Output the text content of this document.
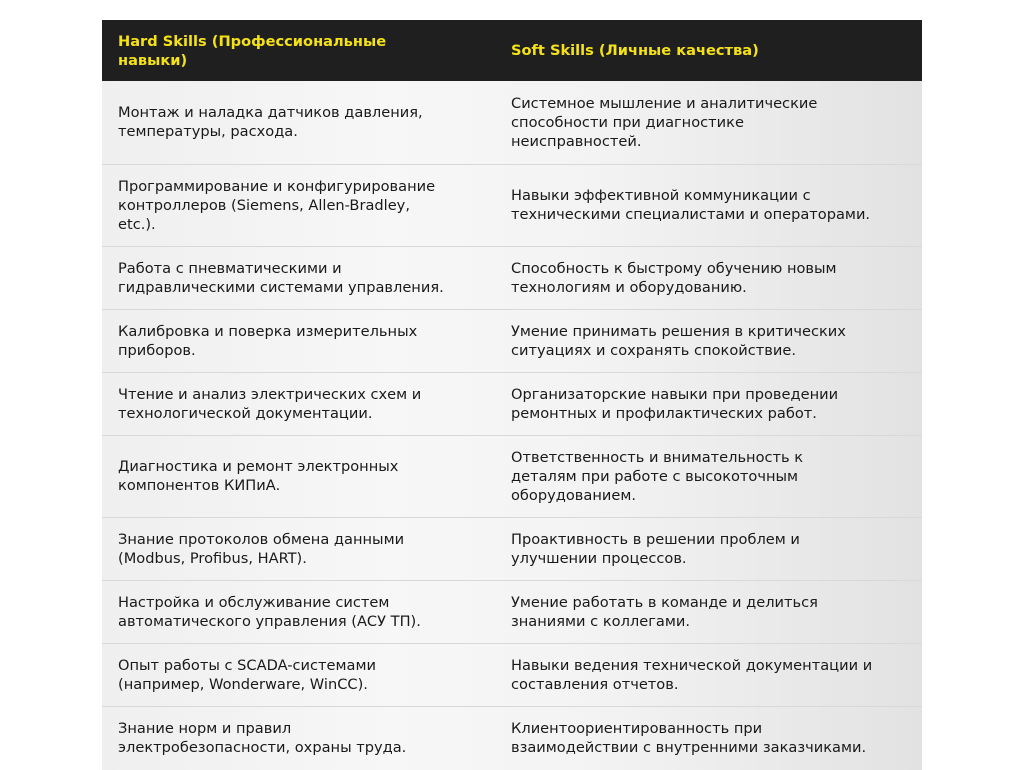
Hard Skills (Профессиональные
навыки)	Soft Skills (Личные качества)

Монтаж и наладка датчиков давления,
температуры, расхода.	Системное мышление и аналитические
способности при диагностике
неисправностей.

Программирование и конфигурирование
контроллеров (Siemens, Allen-Bradley,
etc.).	Навыки эффективной коммуникации с
техническими специалистами и операторами.

Работа с пневматическими и
гидравлическими системами управления.	Способность к быстрому обучению новым
технологиям и оборудованию.

Калибровка и поверка измерительных
приборов.	Умение принимать решения в критических
ситуациях и сохранять спокойствие.

Чтение и анализ электрических схем и
технологической документации.	Организаторские навыки при проведении
ремонтных и профилактических работ.

Диагностика и ремонт электронных
компонентов КИПиА.	Ответственность и внимательность к
деталям при работе с высокоточным
оборудованием.

Знание протоколов обмена данными
(Modbus, Profibus, HART).	Проактивность в решении проблем и
улучшении процессов.

Настройка и обслуживание систем
автоматического управления (АСУ ТП).	Умение работать в команде и делиться
знаниями с коллегами.

Опыт работы с SCADA-системами
(например, Wonderware, WinCC).	Навыки ведения технической документации и
составления отчетов.

Знание норм и правил
электробезопасности, охраны труда.	Клиентоориентированность при
взаимодействии с внутренними заказчиками.
